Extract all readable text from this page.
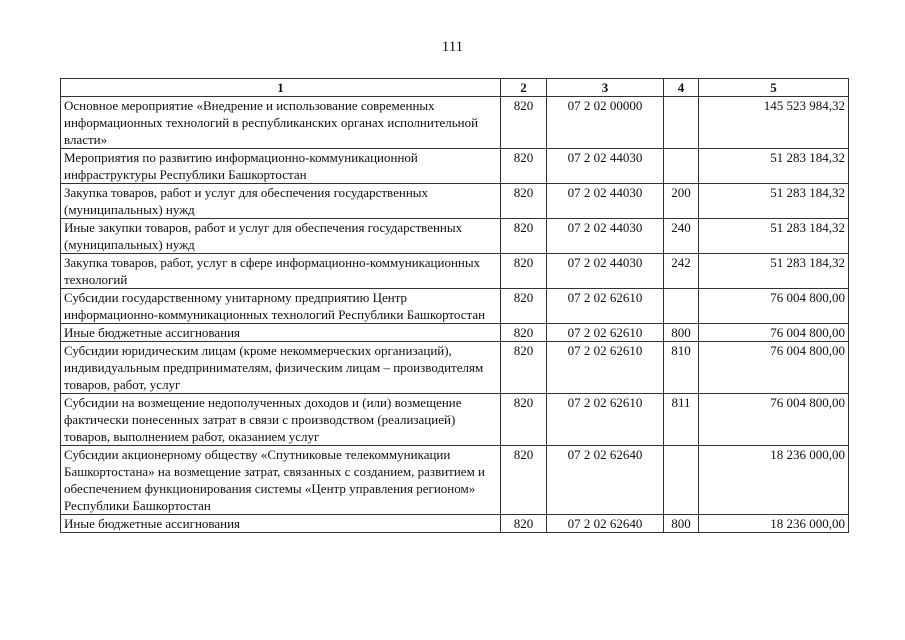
111
1	2	3	4	5
Основное мероприятие «Внедрение и использование современных информационных технологий в республиканских органах исполнительной власти»	820	07 2 02 00000		145 523 984,32
Мероприятия по развитию информационно-коммуникационной инфраструктуры Республики Башкортостан	820	07 2 02 44030		51 283 184,32
Закупка товаров, работ и услуг для обеспечения государственных (муниципальных) нужд	820	07 2 02 44030	200	51 283 184,32
Иные закупки товаров, работ и услуг для обеспечения государственных (муниципальных) нужд	820	07 2 02 44030	240	51 283 184,32
Закупка товаров, работ, услуг в сфере информационно-коммуникационных технологий	820	07 2 02 44030	242	51 283 184,32
Субсидии государственному унитарному предприятию Центр информационно-коммуникационных технологий Республики Башкортостан	820	07 2 02 62610		76 004 800,00
Иные бюджетные ассигнования	820	07 2 02 62610	800	76 004 800,00
Субсидии юридическим лицам (кроме некоммерческих организаций), индивидуальным предпринимателям, физическим лицам – производителям товаров, работ, услуг	820	07 2 02 62610	810	76 004 800,00
Субсидии на возмещение недополученных доходов и (или) возмещение фактически понесенных затрат в связи с производством (реализацией) товаров, выполнением работ, оказанием услуг	820	07 2 02 62610	811	76 004 800,00
Субсидии акционерному обществу «Спутниковые телекоммуникации Башкортостана» на возмещение затрат, связанных с созданием, развитием и обеспечением функционирования системы «Центр управления регионом» Республики Башкортостан	820	07 2 02 62640		18 236 000,00
Иные бюджетные ассигнования	820	07 2 02 62640	800	18 236 000,00
